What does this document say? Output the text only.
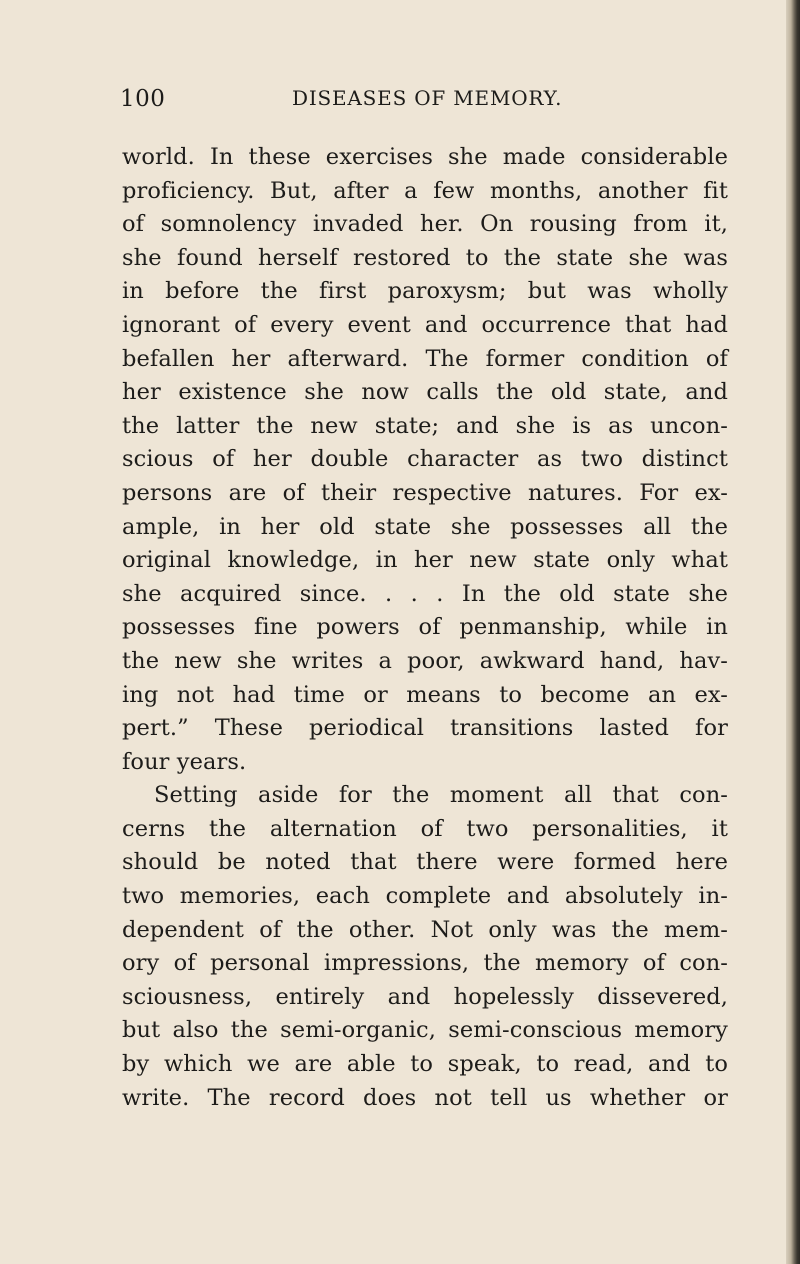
100	DISEASES OF MEMORY.
world. In these exercises she made considerable
proficiency. But, after a few months, another fit
of somnolency invaded her. On rousing from it,
she found herself restored to the state she was
in before the first paroxysm; but was wholly
ignorant of every event and occurrence that had
befallen her afterward. The former condition of
her existence she now calls the old state, and
the latter the new state; and she is as uncon-
scious of her double character as two distinct
persons are of their respective natures. For ex-
ample, in her old state she possesses all the
original knowledge, in her new state only what
she acquired since. . . . In the old state she
possesses fine powers of penmanship, while in
the new she writes a poor, awkward hand, hav-
ing not had time or means to become an ex-
pert.” These periodical transitions lasted for
four years.
Setting aside for the moment all that con-
cerns the alternation of two personalities, it
should be noted that there were formed here
two memories, each complete and absolutely in-
dependent of the other. Not only was the mem-
ory of personal impressions, the memory of con-
sciousness, entirely and hopelessly dissevered,
but also the semi-organic, semi-conscious memory
by which we are able to speak, to read, and to
write. The record does not tell us whether or
